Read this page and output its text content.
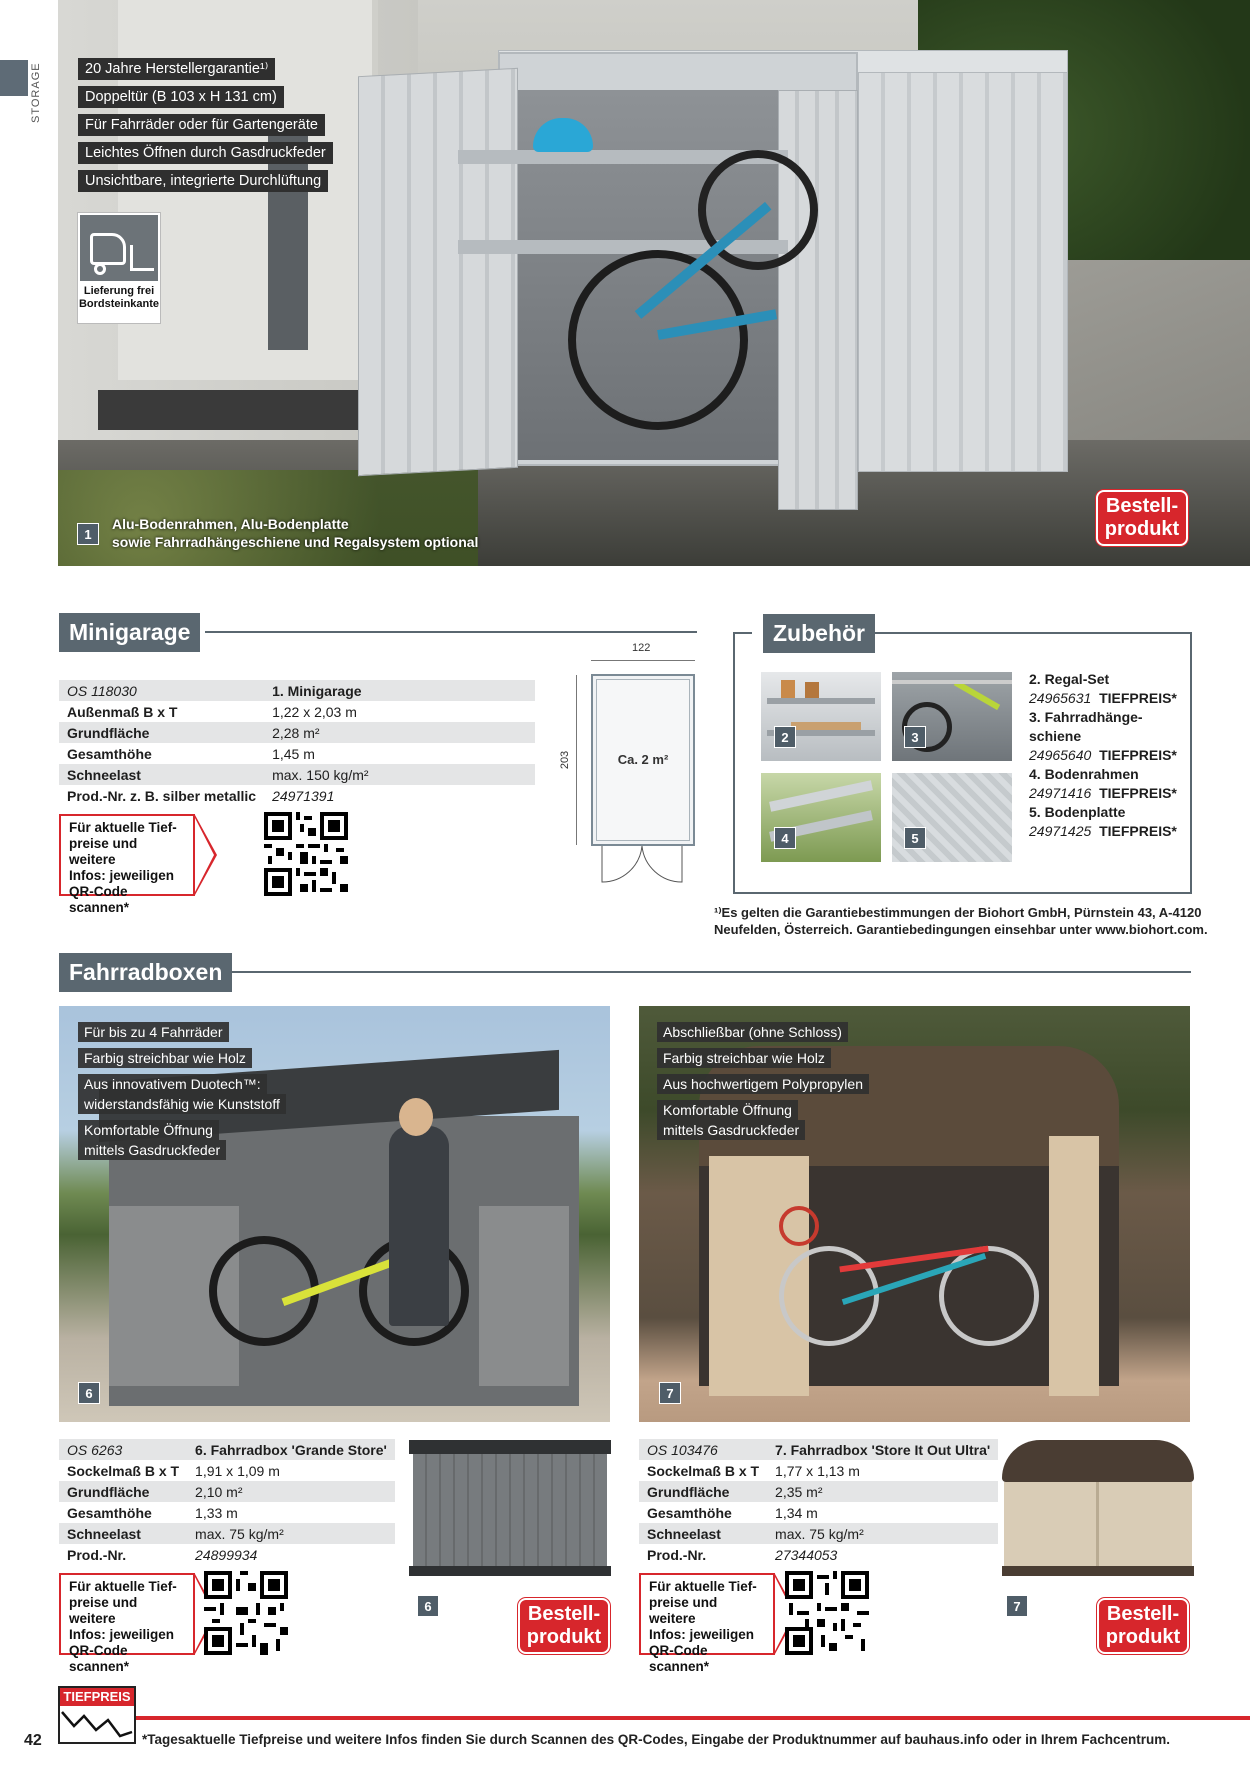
STORAGE	20 Jahre Herstellergarantie¹⁾
Doppeltür (B 103 x H 131 cm)
Für Fahrräder oder für Gartengeräte
Leichtes Öffnen durch Gasdruckfeder
Unsichtbare, integrierte Durchlüftung
Lieferung frei
Bordsteinkante
1
Alu-Bodenrahmen, Alu-Bodenplatte
sowie Fahrradhängeschiene und Regalsystem optional
Bestell-
produkt
Minigarage
OS 118030	1. Minigarage
Außenmaß B x T	1,22 x 2,03 m
Grundfläche	2,28 m²
Gesamthöhe	1,45 m
Schneelast	max. 150 kg/m²
Prod.-Nr. z. B. silber metallic	24971391
Für aktuelle Tief-
preise und weitere
Infos: jeweiligen
QR-Code scannen*
122
203	Ca. 2 m²
Zubehör
2	3
4	5
2. Regal-Set
24965631 TIEFPREIS*
3. Fahrradhänge-
schiene
24965640 TIEFPREIS*
4. Bodenrahmen
24971416 TIEFPREIS*
5. Bodenplatte
24971425 TIEFPREIS*
¹⁾Es gelten die Garantiebestimmungen der Biohort GmbH, Pürnstein 43, A-4120
Neufelden, Österreich. Garantiebedingungen einsehbar unter www.biohort.com.
Fahrradboxen
Für bis zu 4 Fahrräder
Farbig streichbar wie Holz
Aus innovativem Duotech™:
widerstandsfähig wie Kunststoff
Komfortable Öffnung
mittels Gasdruckfeder
6
Abschließbar (ohne Schloss)
Farbig streichbar wie Holz
Aus hochwertigem Polypropylen
Komfortable Öffnung
mittels Gasdruckfeder
7
OS 6263	6. Fahrradbox 'Grande Store'
Sockelmaß B x T	1,91 x 1,09 m
Grundfläche	2,10 m²
Gesamthöhe	1,33 m
Schneelast	max. 75 kg/m²
Prod.-Nr.	24899934
6
Für aktuelle Tief-
preise und weitere
Infos: jeweiligen
QR-Code scannen*
Bestell-
produkt
OS 103476	7. Fahrradbox 'Store It Out Ultra'
Sockelmaß B x T	1,77 x 1,13 m
Grundfläche	2,35 m²
Gesamthöhe	1,34 m
Schneelast	max. 75 kg/m²
Prod.-Nr.	27344053
7
Für aktuelle Tief-
preise und weitere
Infos: jeweiligen
QR-Code scannen*
Bestell-
produkt
TIEFPREIS
42	*Tagesaktuelle Tiefpreise und weitere Infos finden Sie durch Scannen des QR-Codes, Eingabe der Produktnummer auf bauhaus.info oder in Ihrem Fachcentrum.
